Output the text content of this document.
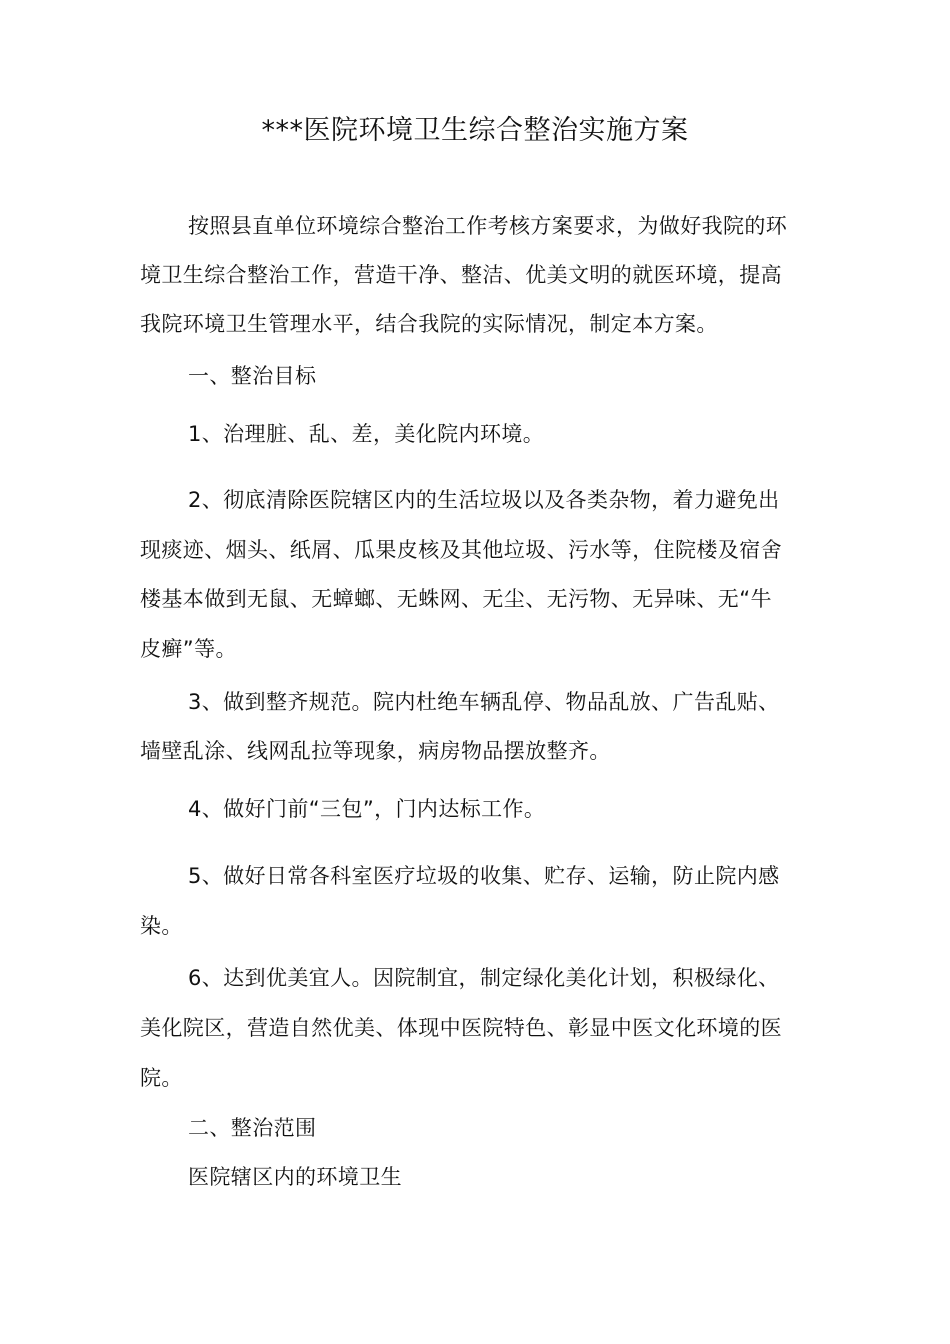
***医院环境卫生综合整治实施方案

按照县直单位环境综合整治工作考核方案要求，为做好我院的环

境卫生综合整治工作，营造干净、整洁、优美文明的就医环境，提高

我院环境卫生管理水平，结合我院的实际情况，制定本方案。

一、整治目标

1、治理脏、乱、差，美化院内环境。

2、彻底清除医院辖区内的生活垃圾以及各类杂物，着力避免出

现痰迹、烟头、纸屑、瓜果皮核及其他垃圾、污水等，住院楼及宿舍

楼基本做到无鼠、无蟑螂、无蛛网、无尘、无污物、无异味、无“牛

皮癣”等。

3、做到整齐规范。院内杜绝车辆乱停、物品乱放、广告乱贴、

墙壁乱涂、线网乱拉等现象，病房物品摆放整齐。

4、做好门前“三包”，门内达标工作。

5、做好日常各科室医疗垃圾的收集、贮存、运输，防止院内感

染。

6、达到优美宜人。因院制宜，制定绿化美化计划，积极绿化、

美化院区，营造自然优美、体现中医院特色、彰显中医文化环境的医

院。

二、整治范围

医院辖区内的环境卫生
